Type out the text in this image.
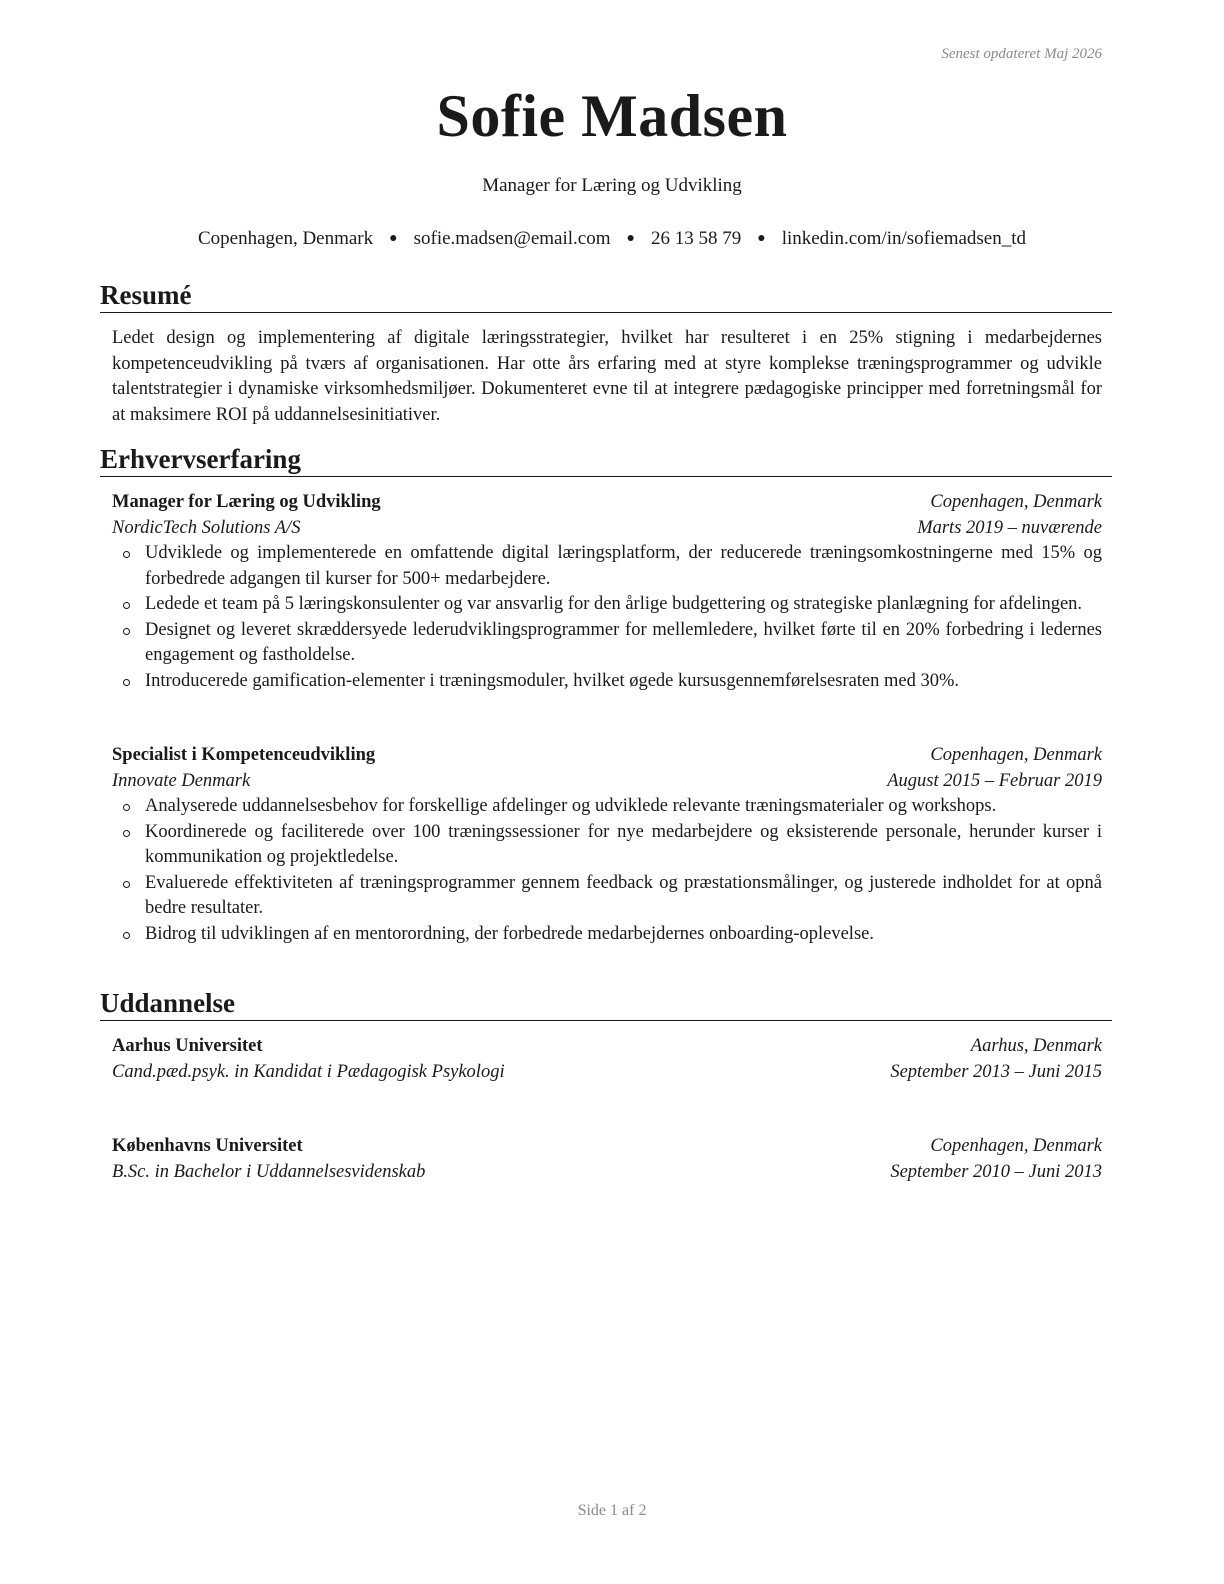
Senest opdateret Maj 2026
Sofie Madsen
Manager for Læring og Udvikling
Copenhagen, Denmark ● sofie.madsen@email.com ● 26 13 58 79 ● linkedin.com/in/sofiemadsen_td
Resumé
Ledet design og implementering af digitale læringsstrategier, hvilket har resulteret i en 25% stigning i medarbejdernes kompetenceudvikling på tværs af organisationen. Har otte års erfaring med at styre komplekse træningsprogrammer og udvikle talentstrategier i dynamiske virksomhedsmiljøer. Dokumenteret evne til at integrere pædagogiske principper med forretningsmål for at maksimere ROI på uddannelsesinitiativer.
Erhvervserfaring
Manager for Læring og Udvikling	Copenhagen, Denmark
NordicTech Solutions A/S	Marts 2019 – nuværende
Udviklede og implementerede en omfattende digital læringsplatform, der reducerede træningsomkostningerne med 15% og forbedrede adgangen til kurser for 500+ medarbejdere.
Ledede et team på 5 læringskonsulenter og var ansvarlig for den årlige budgettering og strategiske planlægning for afdelingen.
Designet og leveret skræddersyede lederudviklingsprogrammer for mellemledere, hvilket førte til en 20% forbedring i ledernes engagement og fastholdelse.
Introducerede gamification-elementer i træningsmoduler, hvilket øgede kursusgennemførelsesraten med 30%.
Specialist i Kompetenceudvikling	Copenhagen, Denmark
Innovate Denmark	August 2015 – Februar 2019
Analyserede uddannelsesbehov for forskellige afdelinger og udviklede relevante træningsmaterialer og workshops.
Koordinerede og faciliterede over 100 træningssessioner for nye medarbejdere og eksisterende personale, herunder kurser i kommunikation og projektledelse.
Evaluerede effektiviteten af træningsprogrammer gennem feedback og præstationsmålinger, og justerede indholdet for at opnå bedre resultater.
Bidrog til udviklingen af en mentorordning, der forbedrede medarbejdernes onboarding-oplevelse.
Uddannelse
Aarhus Universitet	Aarhus, Denmark
Cand.pæd.psyk. in Kandidat i Pædagogisk Psykologi	September 2013 – Juni 2015
Københavns Universitet	Copenhagen, Denmark
B.Sc. in Bachelor i Uddannelsesvidenskab	September 2010 – Juni 2013
Side 1 af 2
